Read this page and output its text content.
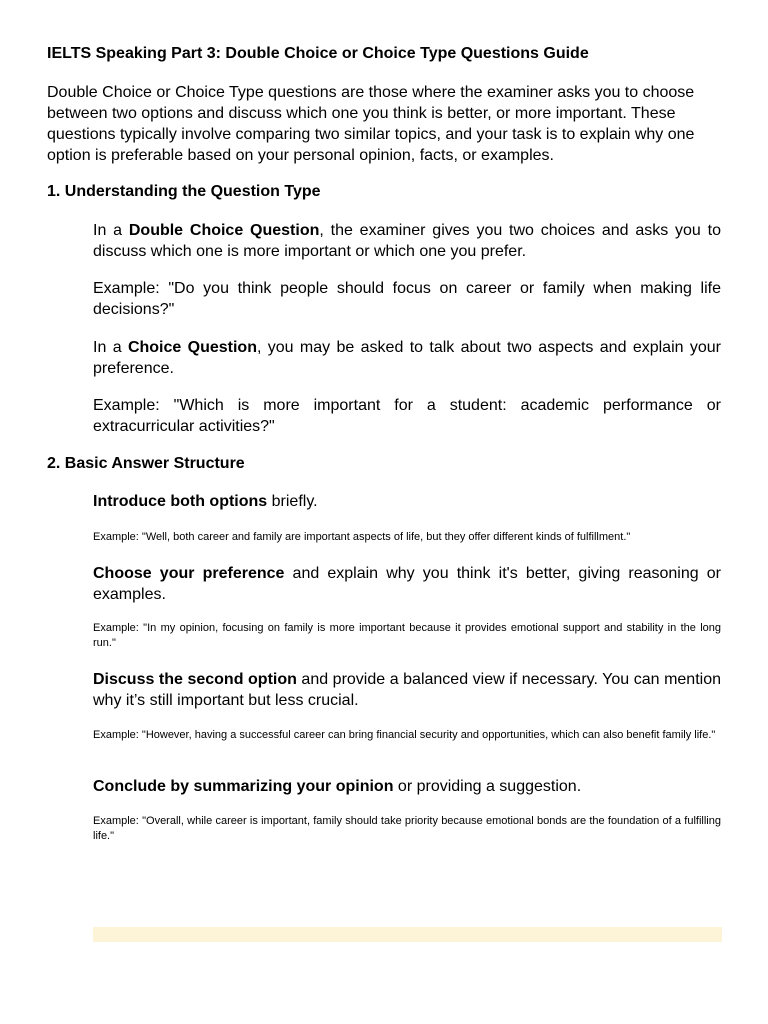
IELTS Speaking Part 3: Double Choice or Choice Type Questions Guide

Double Choice or Choice Type questions are those where the examiner asks you to choose between two options and discuss which one you think is better, or more important. These questions typically involve comparing two similar topics, and your task is to explain why one option is preferable based on your personal opinion, facts, or examples.

1. Understanding the Question Type

In a Double Choice Question, the examiner gives you two choices and asks you to discuss which one is more important or which one you prefer.

Example: "Do you think people should focus on career or family when making life decisions?"

In a Choice Question, you may be asked to talk about two aspects and explain your preference.

Example: "Which is more important for a student: academic performance or extracurricular activities?"

2. Basic Answer Structure

Introduce both options briefly.

Example: "Well, both career and family are important aspects of life, but they offer different kinds of fulfillment."

Choose your preference and explain why you think it's better, giving reasoning or examples.

Example: "In my opinion, focusing on family is more important because it provides emotional support and stability in the long run."

Discuss the second option and provide a balanced view if necessary. You can mention why it’s still important but less crucial.

Example: "However, having a successful career can bring financial security and opportunities, which can also benefit family life."

Conclude by summarizing your opinion or providing a suggestion.

Example: "Overall, while career is important, family should take priority because emotional bonds are the foundation of a fulfilling life."
